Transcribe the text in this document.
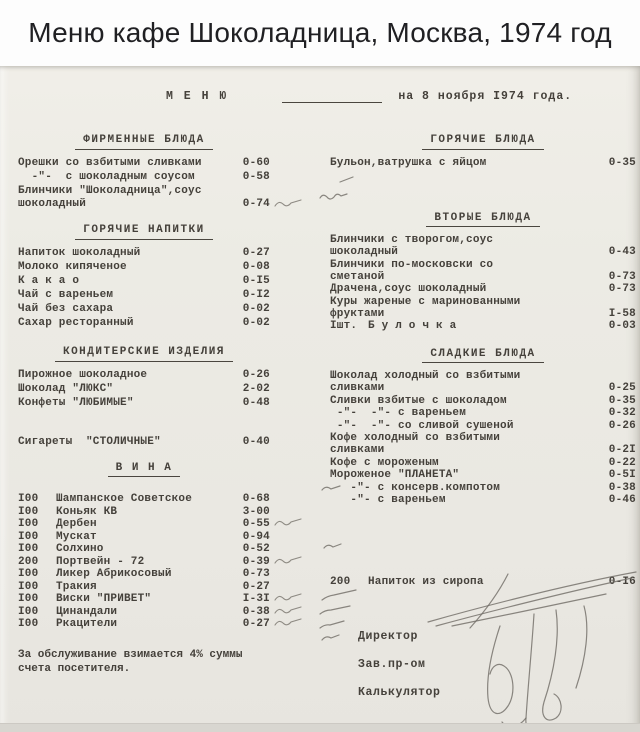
Меню кафе Шоколадница, Москва, 1974 год
М Е Н Ю	на 8 ноября I974 года.
ФИРМЕННЫЕ БЛЮДА
Орешки со взбитыми сливками	0-60
-"-  с шоколадным соусом	0-58
Блинчики "Шоколадница",соус
шоколадный	0-74
ГОРЯЧИЕ НАПИТКИ
Напиток шоколадный	0-27
Молоко кипяченое	0-08
К а к а о	0-I5
Чай с вареньем	0-I2
Чай без сахара	0-02
Сахар ресторанный	0-02
КОНДИТЕРСКИЕ ИЗДЕЛИЯ
Пирожное шоколадное	0-26
Шоколад "ЛЮКС"	2-02
Конфеты "ЛЮБИМЫЕ"	0-48
Сигареты  "СТОЛИЧНЫЕ"	0-40
В И Н А
I00	Шампанское Советское	0-68
I00	Коньяк КВ	3-00
I00	Дербен	0-55
I00	Мускат	0-94
I00	Солхино	0-52
200	Портвейн - 72	0-39
I00	Ликер Абрикосовый	0-73
I00	Тракия	0-27
I00	Виски "ПРИВЕТ"	I-3I
I00	Цинандали	0-38
I00	Ркацители	0-27
ГОРЯЧИЕ БЛЮДА
Бульон,ватрушка с яйцом	0-35
ВТОРЫЕ БЛЮДА
Блинчики с творогом,соус
шоколадный	0-43
Блинчики по-московски со
сметаной	0-73
Драчена,соус шоколадный	0-73
Куры жареные с маринованными
фруктами	I-58
Iшт. Б у л о ч к а	0-03
СЛАДКИЕ БЛЮДА
Шоколад холодный со взбитыми
сливками	0-25
Сливки взбитые с шоколадом	0-35
-"-  -"- с вареньем	0-32
-"-  -"- со сливой сушеной	0-26
Кофе холодный со взбитыми
сливками	0-2I
Кофе с мороженым	0-22
Мороженое "ПЛАНЕТА"	0-5I
-"- с консерв.компотом	0-38
-"- с вареньем	0-46
200	Напиток из сиропа	0-I6
За обслуживание взимается 4% суммы
счета посетителя.
Директор
Зав.пр-ом
Калькулятор
